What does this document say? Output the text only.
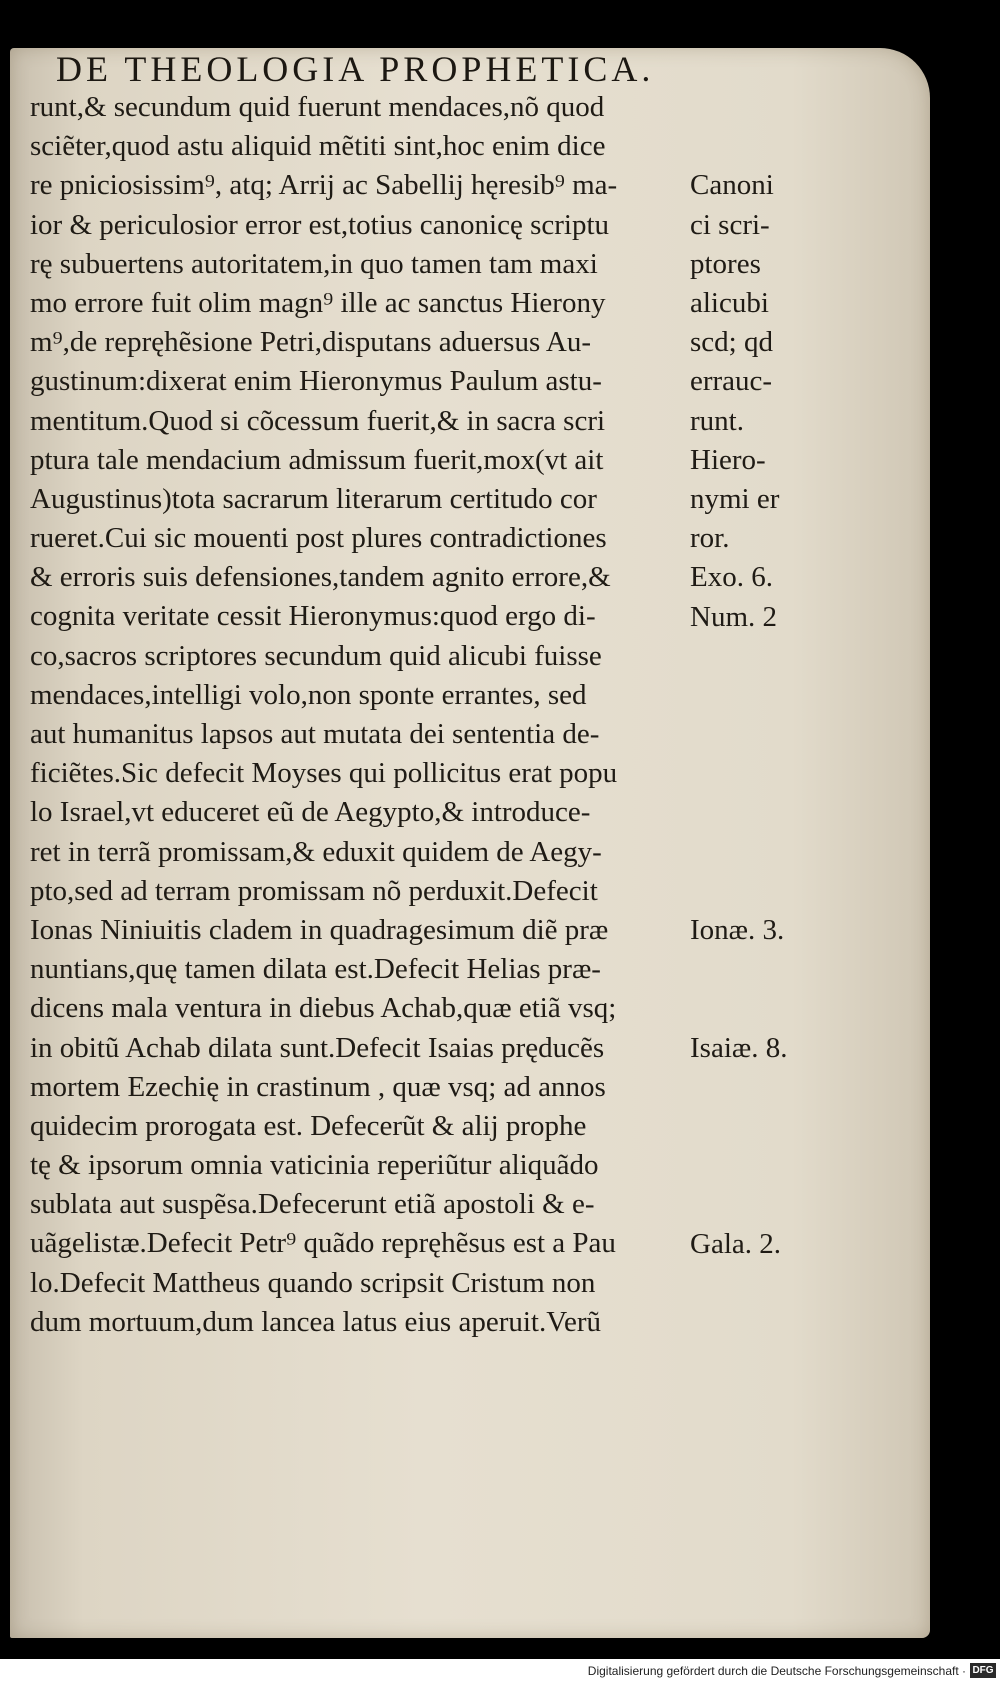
DE THEOLOGIA PROPHETICA.
runt,& secundum quid fuerunt mendaces,nõ quod
sciẽter,quod astu aliquid mẽtiti sint,hoc enim dice
re pniciosissim⁹, atq; Arrij ac Sabellij hęresib⁹ ma-
ior & periculosior error est,totius canonicę scriptu
rę subuertens autoritatem,in quo tamen tam maxi
mo errore fuit olim magn⁹ ille ac sanctus Hierony
m⁹,de repręhẽsione Petri,disputans aduersus Au-
gustinum:dixerat enim Hieronymus Paulum astu-
mentitum.Quod si cõcessum fuerit,& in sacra scri
ptura tale mendacium admissum fuerit,mox(vt ait
Augustinus)tota sacrarum literarum certitudo cor
rueret.Cui sic mouenti post plures contradictiones
& erroris suis defensiones,tandem agnito errore,&
cognita veritate cessit Hieronymus:quod ergo di-
co,sacros scriptores secundum quid alicubi fuisse
mendaces,intelligi volo,non sponte errantes, sed
aut humanitus lapsos aut mutata dei sententia de-
ficiẽtes.Sic defecit Moyses qui pollicitus erat popu
lo Israel,vt educeret eũ de Aegypto,& introduce-
ret in terrã promissam,& eduxit quidem de Aegy-
pto,sed ad terram promissam nõ perduxit.Defecit
Ionas Niniuitis cladem in quadragesimum diẽ præ
nuntians,quę tamen dilata est.Defecit Helias præ-
dicens mala ventura in diebus Achab,quæ etiã vsq;
in obitũ Achab dilata sunt.Defecit Isaias pręducẽs
mortem Ezechię in crastinum , quæ vsq; ad annos
quidecim prorogata est. Defecerũt & alij prophe
tę & ipsorum omnia vaticinia reperiũtur aliquãdo
sublata aut suspẽsa.Defecerunt etiã apostoli & e-
uãgelistæ.Defecit Petr⁹ quãdo repręhẽsus est a Pau
lo.Defecit Mattheus quando scripsit Cristum non
dum mortuum,dum lancea latus eius aperuit.Verũ
Canoni
ci scri-
ptores
alicubi
scd; qd
errauc-
runt.
Hiero-
nymi er
ror.
Exo. 6.
Num. 2
Ionæ. 3.
Isaiæ. 8.
Gala. 2.
Digitalisierung gefördert durch die Deutsche Forschungsgemeinschaft · DFG
